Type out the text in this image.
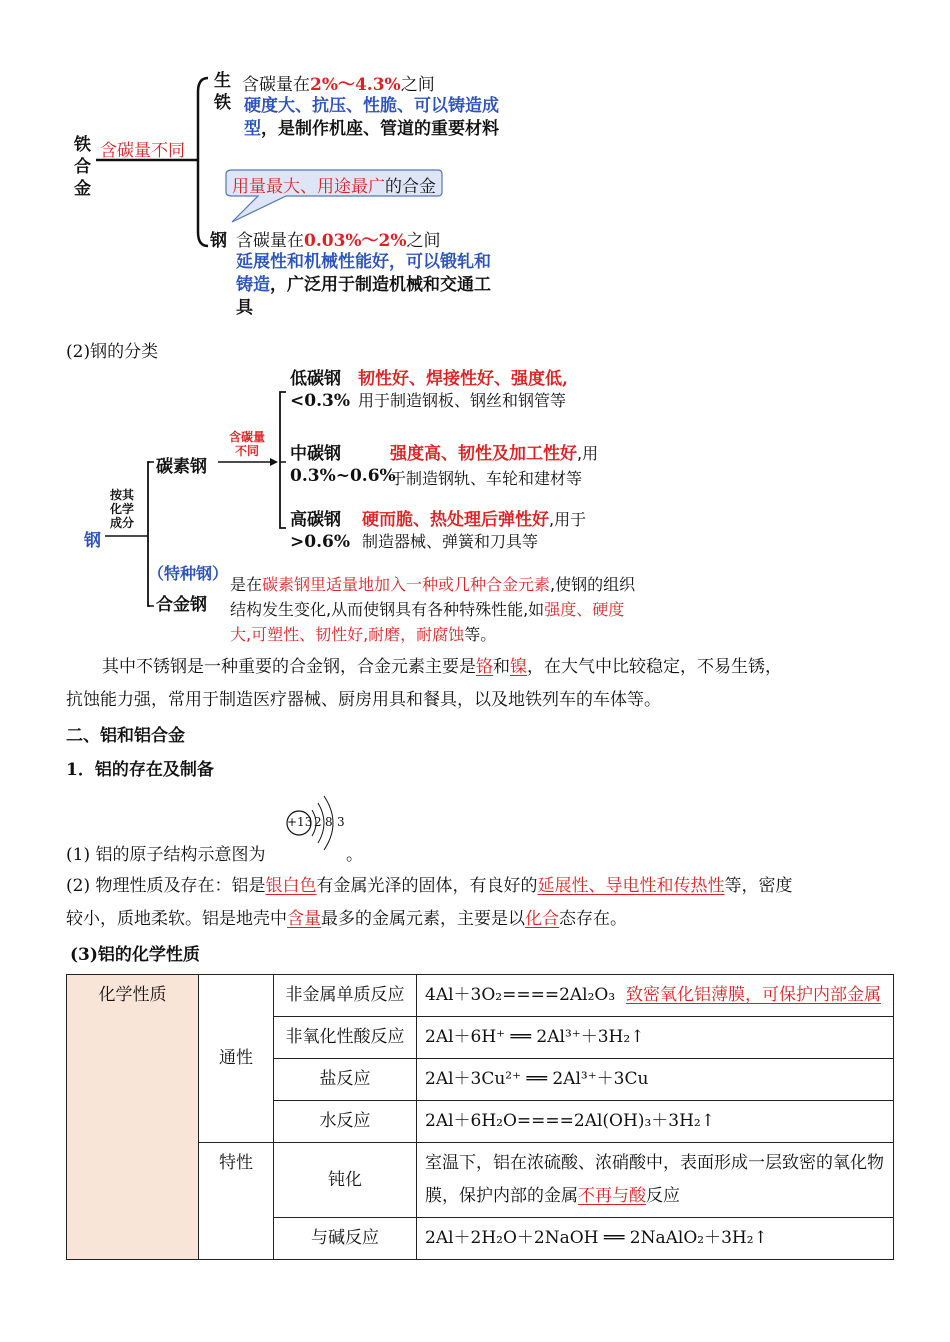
铁合金
含碳量不同
生铁
含碳量在2%～4.3%之间
硬度大、抗压、性脆、可以铸造成型，是制作机座、管道的重要材料
用量最大、用途最广的合金
钢 含碳量在0.03%～2%之间
延展性和机械性能好，可以锻轧和铸造，广泛用于制造机械和交通工具
(2)钢的分类
钢
按其化学成分
碳素钢
含碳量不同
低碳钢
<0.3%
韧性好、焊接性好、强度低,
用于制造钢板、钢丝和钢管等
中碳钢
0.3%~0.6%
强度高、韧性及加工性好,用
于制造钢轨、车轮和建材等
高碳钢
>0.6%
硬而脆、热处理后弹性好,用于
制造器械、弹簧和刀具等
（特种钢）
合金钢
是在碳素钢里适量地加入一种或几种合金元素,使钢的组织
结构发生变化,从而使钢具有各种特殊性能,如强度、硬度
大,可塑性、韧性好,耐磨，耐腐蚀等。
其中不锈钢是一种重要的合金钢，合金元素主要是铬和镍，在大气中比较稳定，不易生锈，
抗蚀能力强，常用于制造医疗器械、厨房用具和餐具，以及地铁列车的车体等。
二、铝和铝合金
1．铝的存在及制备
(1) 铝的原子结构示意图为	。
+13 2 8 3
(2) 物理性质及存在：铝是银白色有金属光泽的固体，有良好的延展性、导电性和传热性等，密度
较小，质地柔软。铝是地壳中含量最多的金属元素，主要是以化合态存在。
(3)铝的化学性质
化学性质	通性	非金属单质反应	4Al＋3O₂====2Al₂O₃ 致密氧化铝薄膜，可保护内部金属
		非氧化性酸反应	2Al＋6H⁺ ══ 2Al³⁺＋3H₂↑
		盐反应	2Al＋3Cu²⁺ ══ 2Al³⁺＋3Cu
		水反应	2Al＋6H₂O====2Al(OH)₃＋3H₂↑
	特性	钝化	室温下，铝在浓硫酸、浓硝酸中，表面形成一层致密的氧化物膜，保护内部的金属不再与酸反应
		与碱反应	2Al＋2H₂O＋2NaOH ══ 2NaAlO₂＋3H₂↑
